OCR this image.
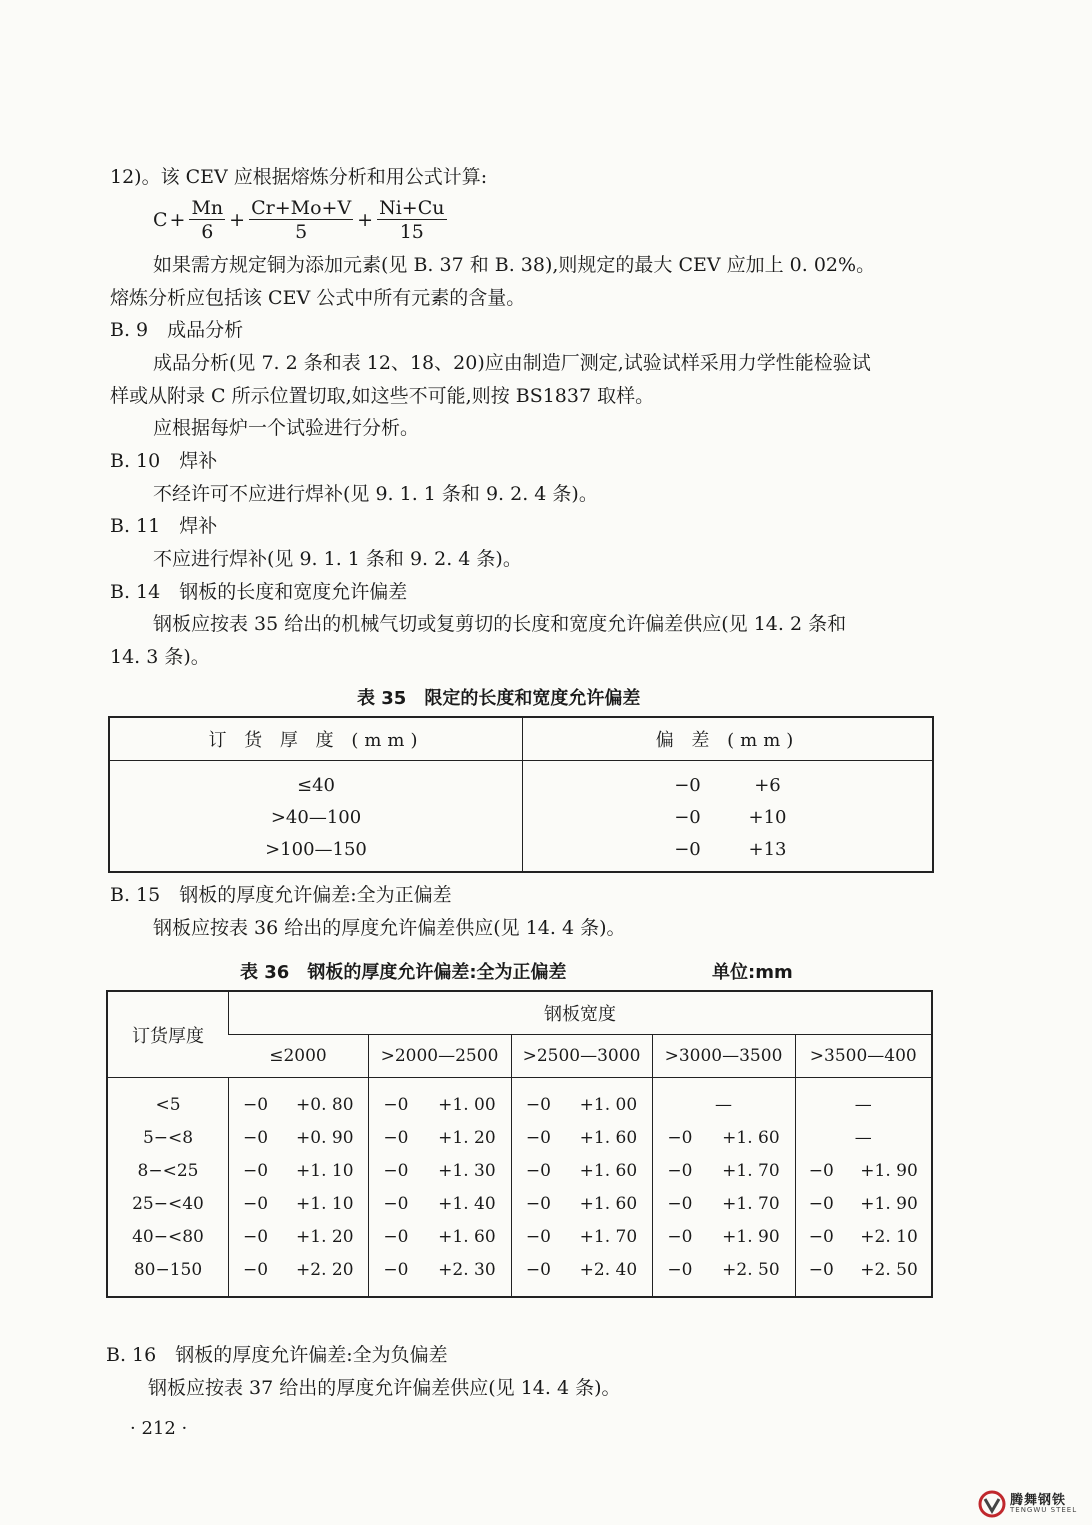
12)。该 CEV 应根据熔炼分析和用公式计算:
$C + \frac{Mn}{6} + \frac{Cr+Mo+V}{5} + \frac{Ni+Cu}{15}$
如果需方规定铜为添加元素(见 B. 37 和 B. 38),则规定的最大 CEV 应加上 0. 02%。
熔炼分析应包括该 CEV 公式中所有元素的含量。
B. 9　成品分析
成品分析(见 7. 2 条和表 12、18、20)应由制造厂测定,试验试样采用力学性能检验试
样或从附录 C 所示位置切取,如这些不可能,则按 BS1837 取样。
应根据每炉一个试验进行分析。
B. 10　焊补
不经许可不应进行焊补(见 9. 1. 1 条和 9. 2. 4 条)。
B. 11　焊补
不应进行焊补(见 9. 1. 1 条和 9. 2. 4 条)。
B. 14　钢板的长度和宽度允许偏差
钢板应按表 35 给出的机械气切或复剪切的长度和宽度允许偏差供应(见 14. 2 条和
14. 3 条)。
表 35　限定的长度和宽度允许偏差
订 货 厚 度 (mm)	偏 差 (mm)
≤40	−0 +6
>40—100	−0 +10
>100—150	−0 +13
B. 15　钢板的厚度允许偏差:全为正偏差
钢板应按表 36 给出的厚度允许偏差供应(见 14. 4 条)。
表 36　钢板的厚度允许偏差:全为正偏差	单位:mm
订货厚度	钢板宽度				
	≤2000	>2000—2500	>2500—3000	>3000—3500	>3500—400

<5	−0 +0. 80	−0 +1. 00	−0 +1. 00	—	—

5−<8	−0 +0. 90	−0 +1. 20	−0 +1. 60	−0 +1. 60	—

8−<25	−0 +1. 10	−0 +1. 30	−0 +1. 60	−0 +1. 70	−0 +1. 90

25−<40	−0 +1. 10	−0 +1. 40	−0 +1. 60	−0 +1. 70	−0 +1. 90

40−<80	−0 +1. 20	−0 +1. 60	−0 +1. 70	−0 +1. 90	−0 +2. 10

80−150	−0 +2. 20	−0 +2. 30	−0 +2. 40	−0 +2. 50	−0 +2. 50

· 212 ·
B. 16　钢板的厚度允许偏差:全为负偏差
钢板应按表 37 给出的厚度允许偏差供应(见 14. 4 条)。
腾舞钢铁
TENGWU STEEL
